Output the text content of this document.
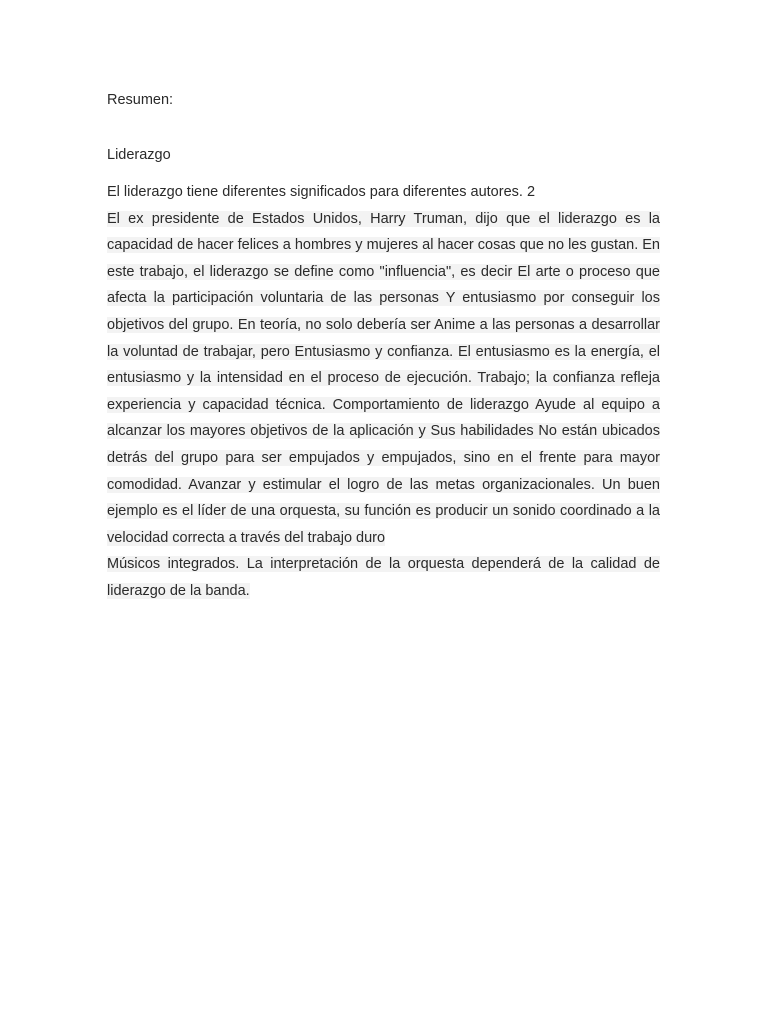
Resumen:

Liderazgo

El liderazgo tiene diferentes significados para diferentes autores. 2

El ex presidente de Estados Unidos, Harry Truman, dijo que el liderazgo es la capacidad de hacer felices a hombres y mujeres al hacer cosas que no les gustan. En este trabajo, el liderazgo se define como "influencia", es decir El arte o proceso que afecta la participación voluntaria de las personas Y entusiasmo por conseguir los objetivos del grupo. En teoría, no solo debería ser Anime a las personas a desarrollar la voluntad de trabajar, pero Entusiasmo y confianza. El entusiasmo es la energía, el entusiasmo y la intensidad en el proceso de ejecución. Trabajo; la confianza refleja experiencia y capacidad técnica. Comportamiento de liderazgo Ayude al equipo a alcanzar los mayores objetivos de la aplicación y Sus habilidades No están ubicados detrás del grupo para ser empujados y empujados, sino en el frente para mayor comodidad. Avanzar y estimular el logro de las metas organizacionales. Un buen ejemplo es el líder de una orquesta, su función es producir un sonido coordinado a la velocidad correcta a través del trabajo duro

Músicos integrados. La interpretación de la orquesta dependerá de la calidad de liderazgo de la banda.
